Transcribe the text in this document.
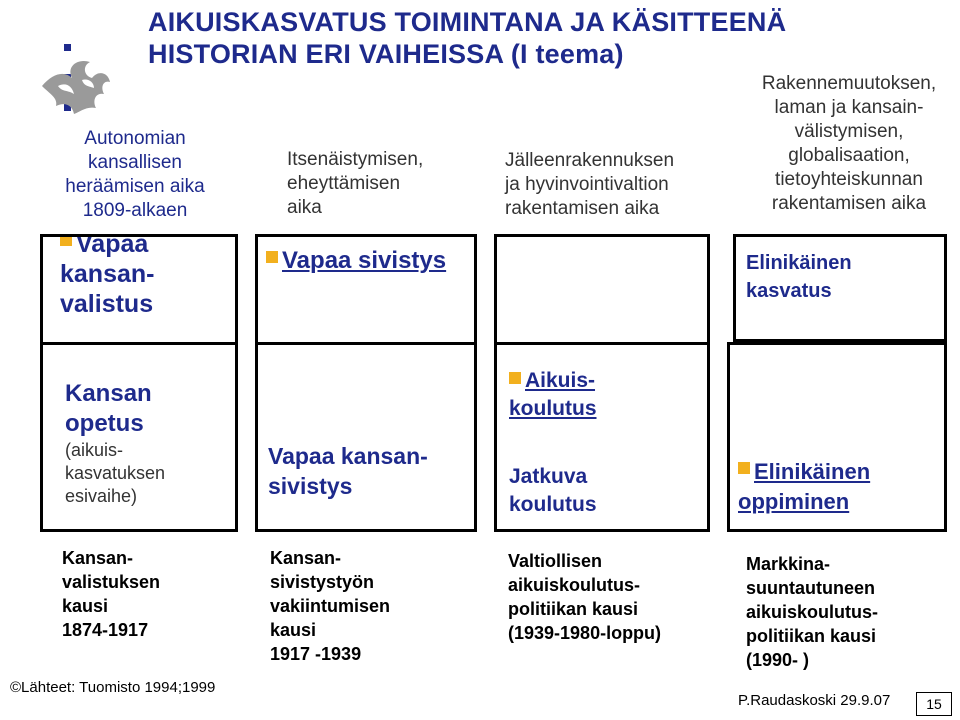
AIKUISKASVATUS TOIMINTANA JA KÄSITTEENÄ
HISTORIAN ERI VAIHEISSA (I teema)
Autonomian
kansallisen
heräämisen aika
1809-alkaen
Vapaa
kansan-
valistus
Itsenäistymisen,
eheyttämisen
aika
Vapaa sivistys
Jälleenrakennuksen
ja hyvinvointivaltion
rakentamisen aika
Rakennemuutoksen,
laman ja kansain-
välistymisen,
globalisaation,
tietoyhteiskunnan
rakentamisen aika
Elinikäinen
kasvatus
Kansan
opetus
(aikuis-
kasvatuksen
esivaihe)
Vapaa kansan-
sivistys
Aikuis-
koulutus
Jatkuva
koulutus
Elinikäinen
oppiminen
Kansan-
valistuksen
kausi
1874-1917
Kansan-
sivistystyön
vakiintumisen
kausi
1917 -1939
Valtiollisen
aikuiskoulutus-
politiikan kausi
(1939-1980-loppu)
Markkina-
suuntautuneen
aikuiskoulutus-
politiikan kausi
(1990- )
©Lähteet: Tuomisto 1994;1999
P.Raudaskoski 29.9.07	15
